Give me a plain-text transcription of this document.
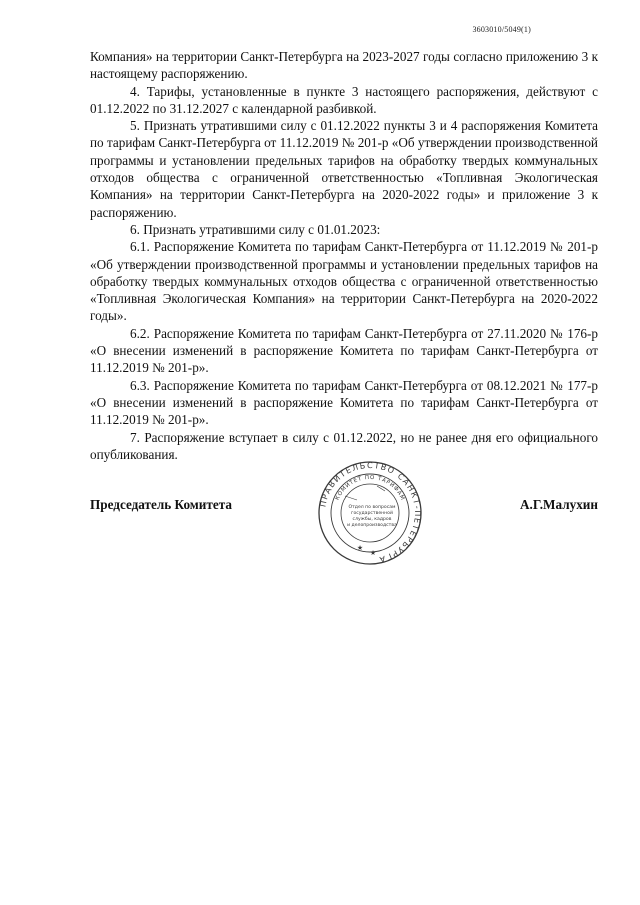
3603010/5049(1)

Компания» на территории Санкт-Петербурга на 2023-2027 годы согласно приложению 3 к настоящему распоряжению.

4. Тарифы, установленные в пункте 3 настоящего распоряжения, действуют с 01.12.2022 по 31.12.2027 с календарной разбивкой.

5. Признать утратившими силу с 01.12.2022 пункты 3 и 4 распоряжения Комитета по тарифам Санкт-Петербурга от 11.12.2019 № 201-р «Об утверждении производственной программы и установлении предельных тарифов на обработку твердых коммунальных отходов общества с ограниченной ответственностью «Топливная Экологическая Компания» на территории Санкт-Петербурга на 2020-2022 годы» и приложение 3 к распоряжению.

6. Признать утратившими силу с 01.01.2023:

6.1. Распоряжение Комитета по тарифам Санкт-Петербурга от 11.12.2019 № 201-р «Об утверждении производственной программы и установлении предельных тарифов на обработку твердых коммунальных отходов общества с ограниченной ответственностью «Топливная Экологическая Компания» на территории Санкт-Петербурга на 2020-2022 годы».

6.2. Распоряжение Комитета по тарифам Санкт-Петербурга от 27.11.2020 № 176-р «О внесении изменений в распоряжение Комитета по тарифам Санкт-Петербурга от 11.12.2019 № 201-р».

6.3. Распоряжение Комитета по тарифам Санкт-Петербурга от 08.12.2021 № 177-р «О внесении изменений в распоряжение Комитета по тарифам Санкт-Петербурга от 11.12.2019 № 201-р».

7. Распоряжение вступает в силу с 01.12.2022, но не ранее дня его официального опубликования.

Председатель Комитета	А.Г.Малухин
ПРАВИТЕЛЬСТВО САНКТ-ПЕТЕРБУРГА
КОМИТЕТ ПО ТАРИФАМ
Отдел по вопросам
государственной
службы, кадров
и делопроизводства
★
★
